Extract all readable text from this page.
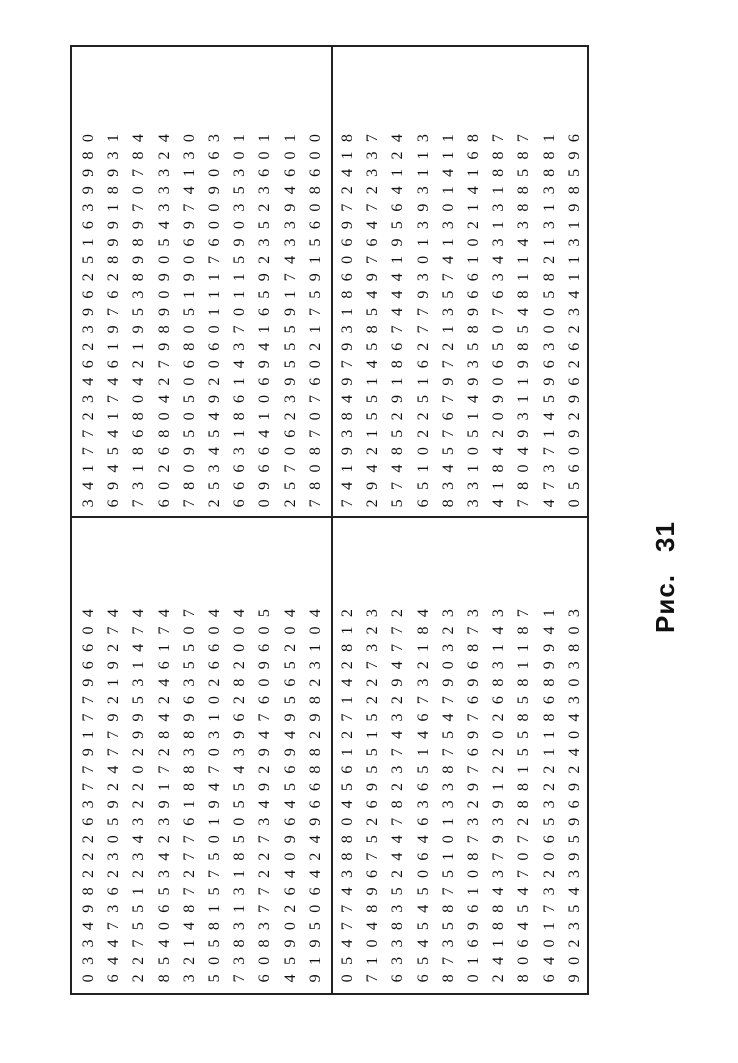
0334982226377917796604
6447362305924779219274
2275512343220299531474
8540653423917284246174
3214872776188389635507
5058157501947031026604
7383131850554396282004
6083772273492947609605
4590264096456949565204
9195064249668829823104
3417723462396251639980
6945417461976289918931
7318680421953898970784
6026804279890905433324
7809505068051906974130
2534549206011176009063
6663186143701159035301
0966410694165923523601
2570623955591743394601
7808707602175915608600
0547743880456127142812
7104896752695515227323
6338352447823743294772
6545450646365146732184
8735875101338754790323
0169610873297697696873
2418843793912202683143
8064547072881558581187
6401732065322118689941
9023543959692404303803
7419384979318606972418
2942155145854976472337
5748529186744419564124
6510225162779301393113
8345767972135741301411
3310514935896610214168
4184209065076343131887
7804931198548114388587
4737145963005821313881
0560929626234113198596
Рис.31
